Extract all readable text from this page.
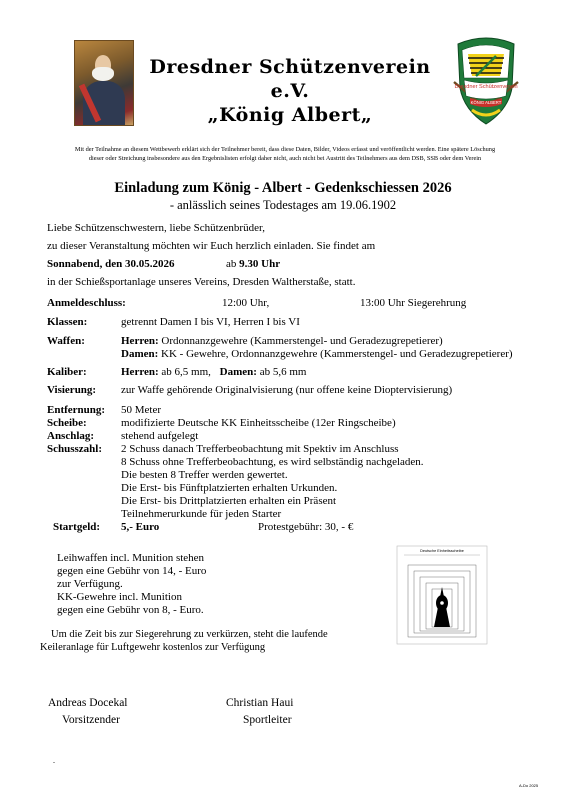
Dresdner Schützenverein e.V.
„König Albert„
Dresdner Schützenverein
KÖNIG ALBERT
Mit der Teilnahme an diesem Wettbewerb erklärt sich der Teilnehmer bereit, dass diese Daten, Bilder, Videos erfasst und veröffentlicht werden. Eine spätere Löschung
dieser oder Streichung insbesondere aus den Ergebnislisten erfolgt daher nicht, auch nicht bei Austritt des Teilnehmers aus dem DSB, SSB oder dem Verein
Einladung zum König - Albert - Gedenkschiessen 2026
- anlässlich seines Todestages am 19.06.1902
Liebe Schützenschwestern, liebe Schützenbrüder,
zu dieser Veranstaltung möchten wir Euch herzlich einladen. Sie findet am
Sonnabend, den 30.05.2026	ab 9.30 Uhr
in der Schießsportanlage unseres Vereins, Dresden Waltherstaße, statt.
Anmeldeschluss:	12:00 Uhr,	13:00 Uhr Siegerehrung
Klassen:	getrennt Damen I bis VI, Herren I bis VI
Waffen:	Herren: Ordonnanzgewehre (Kammerstengel- und Geradezugrepetierer)
Damen: KK - Gewehre, Ordonnanzgewehre (Kammerstengel- und Geradezugrepetierer)
Kaliber:	Herren: ab 6,5 mm, Damen: ab 5,6 mm
Visierung: zur Waffe gehörende Originalvisierung (nur offene keine Dioptervisierung)
Entfernung: 50 Meter
Scheibe:	modifizierte Deutsche KK Einheitsscheibe (12er Ringscheibe)
Anschlag: stehend aufgelegt
Schusszahl: 2 Schuss danach Trefferbeobachtung mit Spektiv im Anschluss
8 Schuss ohne Trefferbeobachtung, es wird selbständig nachgeladen.
Die besten 8 Treffer werden gewertet.
Die Erst- bis Fünftplatzierten erhalten Urkunden.
Die Erst- bis Drittplatzierten erhalten ein Präsent
Teilnehmerurkunde für jeden Starter
Startgeld: 5,- Euro	Protestgebühr: 30, - €
Leihwaffen incl. Munition stehen
gegen eine Gebühr von 14, - Euro
zur Verfügung.
KK-Gewehre incl. Munition
gegen eine Gebühr von 8, - Euro.
Deutsche Einheitsscheibe
Um die Zeit bis zur Siegerehrung zu verkürzen, steht die laufende
Keileranlage für Luftgewehr kostenlos zur Verfügung
Andreas Docekal
Vorsitzender
Christian Haui
Sportleiter
.
A-Dо 2025
